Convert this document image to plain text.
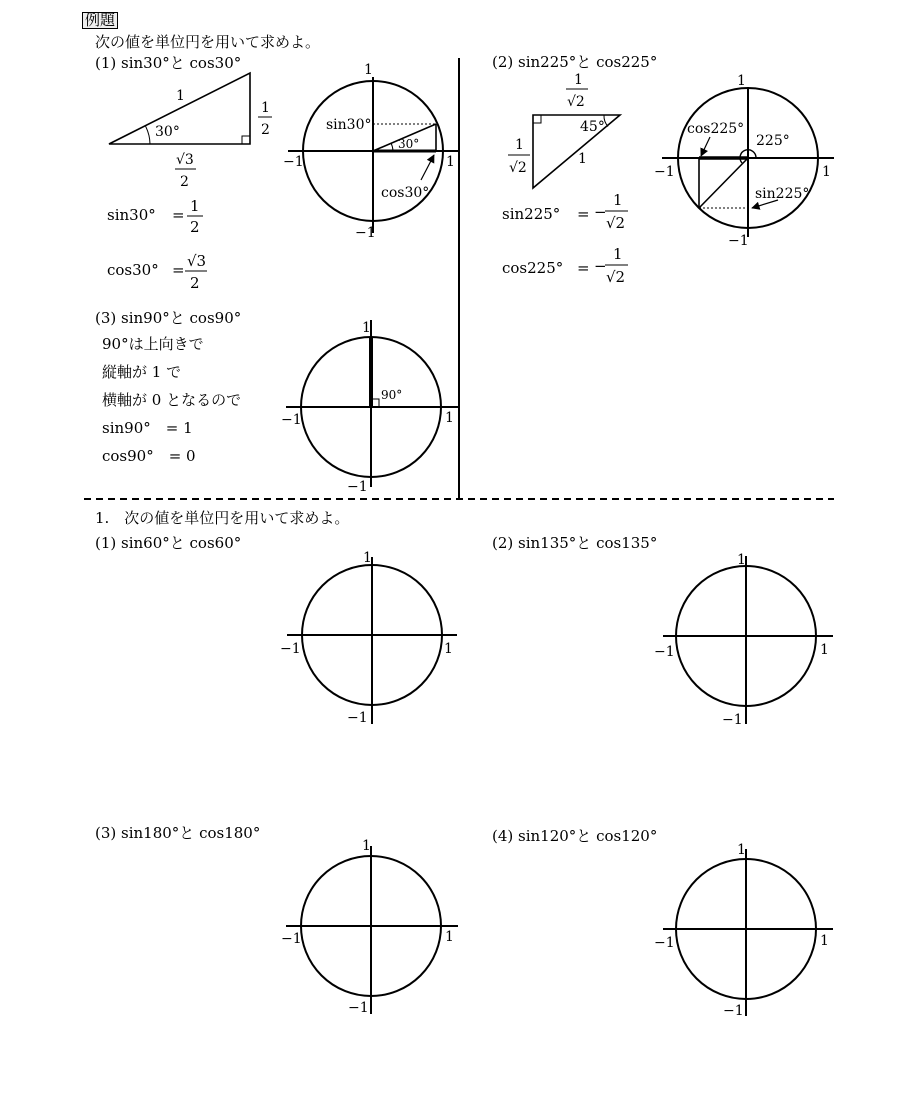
例題
次の値を単位円を用いて求めよ。
(1) sin30°と cos30°
sin30° =
cos30° =
(2) sin225°と cos225°
sin225° =
cos225° =
(3) sin90°と cos90°
90°は上向きで
縦軸が 1 で
横軸が 0 となるので
sin90°　= 1
cos90°　= 0
1.　次の値を単位円を用いて求めよ。
(1) sin60°と cos60°	(2) sin135°と cos135°
(3) sin180°と cos180°	(4) sin120°と cos120°
1
30°
1
2
√3
2
1
2
√3
2
30°
sin30°
cos30°
1
−1
−1	1
45°
1
√2
1
√2
1
−
1
√2
−
1
√2
225°
cos225°
sin225°
1
−1
−1	1
90°
1
−1
−1	1
1
−1
−1	1
1
−1
−1	1
1
−1
−1	1
1
−1
−1	1
